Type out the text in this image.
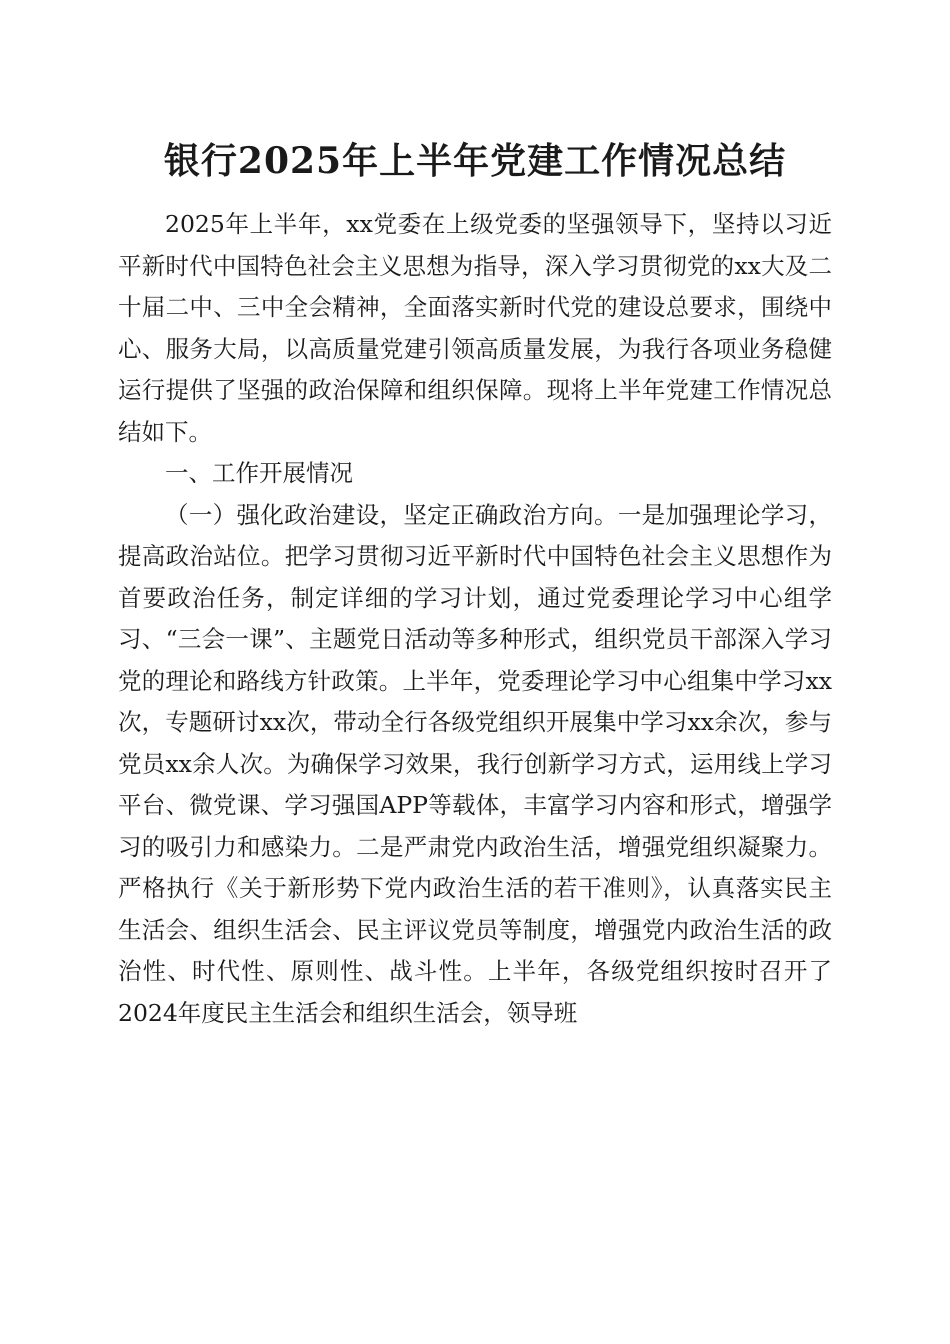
银行2025年上半年党建工作情况总结

2025年上半年，xx党委在上级党委的坚强领导下，坚持以习近平新时代中国特色社会主义思想为指导，深入学习贯彻党的xx大及二十届二中、三中全会精神，全面落实新时代党的建设总要求，围绕中心、服务大局，以高质量党建引领高质量发展，为我行各项业务稳健运行提供了坚强的政治保障和组织保障。现将上半年党建工作情况总结如下。

一、工作开展情况

（一）强化政治建设，坚定正确政治方向。一是加强理论学习，提高政治站位。把学习贯彻习近平新时代中国特色社会主义思想作为首要政治任务，制定详细的学习计划，通过党委理论学习中心组学习、“三会一课”、主题党日活动等多种形式，组织党员干部深入学习党的理论和路线方针政策。上半年，党委理论学习中心组集中学习xx次，专题研讨xx次，带动全行各级党组织开展集中学习xx余次，参与党员xx余人次。为确保学习效果，我行创新学习方式，运用线上学习平台、微党课、学习强国APP等载体，丰富学习内容和形式，增强学习的吸引力和感染力。二是严肃党内政治生活，增强党组织凝聚力。严格执行《关于新形势下党内政治生活的若干准则》，认真落实民主生活会、组织生活会、民主评议党员等制度，增强党内政治生活的政治性、时代性、原则性、战斗性。上半年，各级党组织按时召开了2024年度民主生活会和组织生活会，领导班
